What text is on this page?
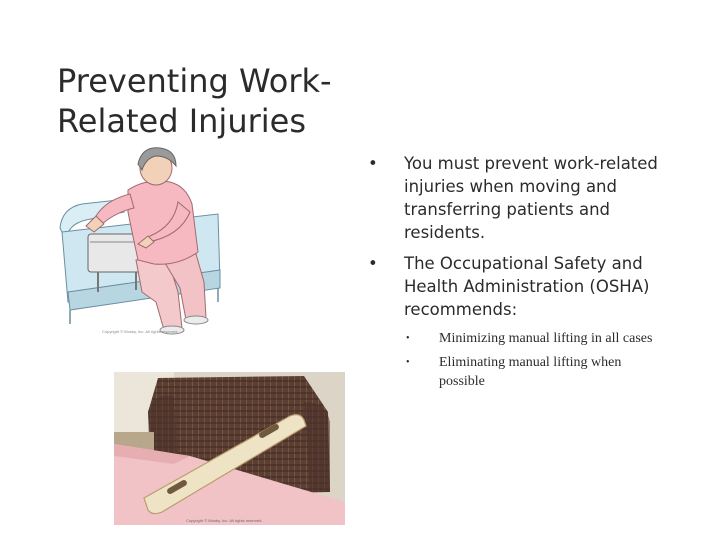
Preventing Work-
Related Injuries
Copyright © Mosby, Inc. All rights reserved.
Copyright © Mosby, Inc. All rights reserved.
• You must prevent work-related injuries when moving and transferring patients and residents.
• The Occupational Safety and Health Administration (OSHA) recommends:
• Minimizing manual lifting in all cases
• Eliminating manual lifting when possible
